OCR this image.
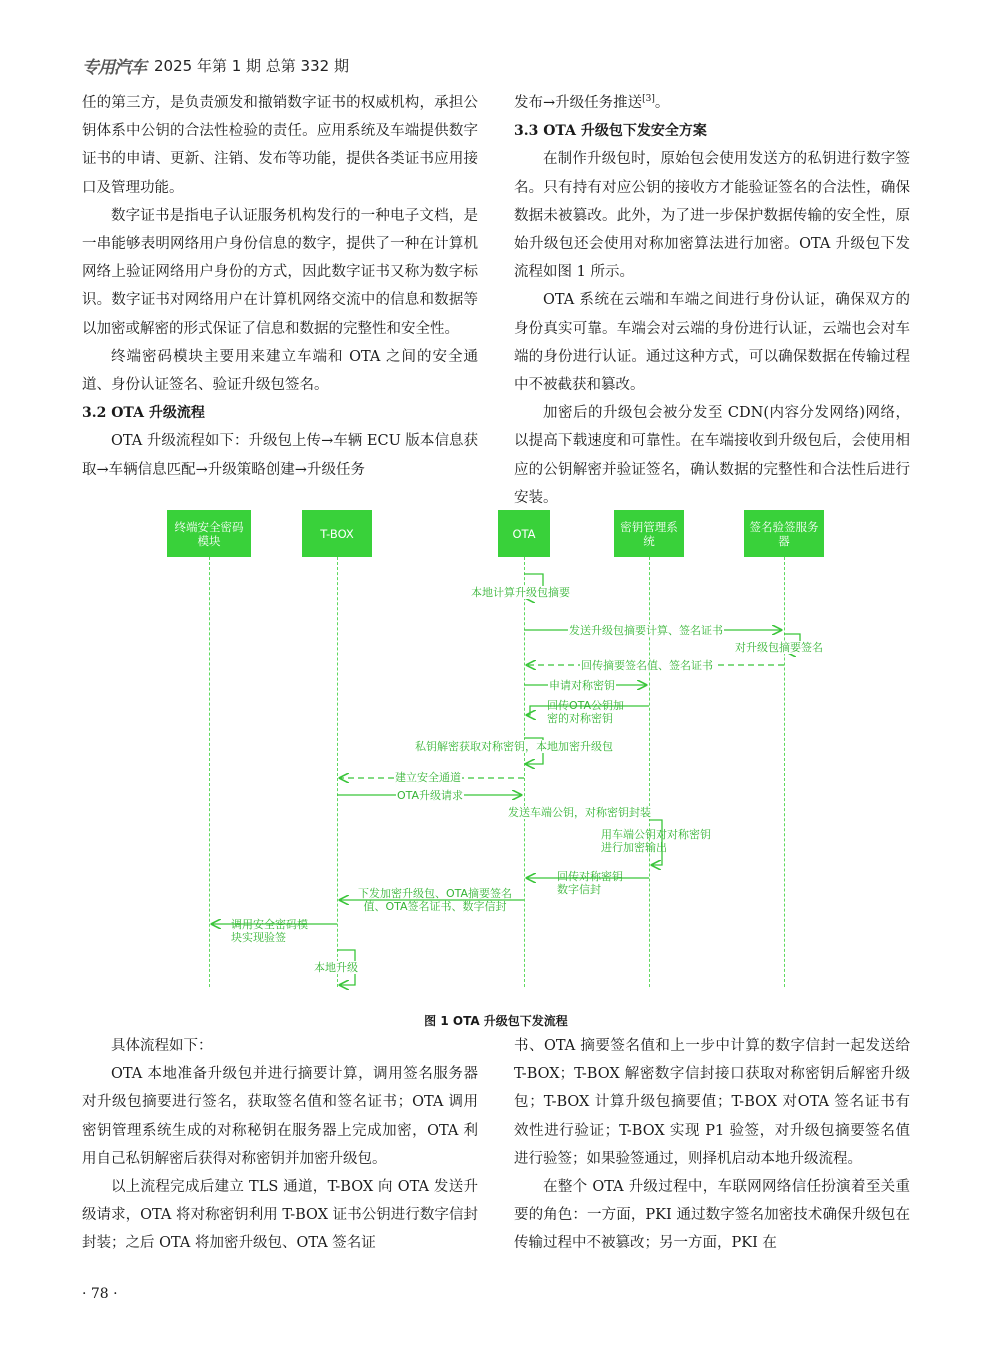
专用汽车 2025 年第 1 期 总第 332 期

任的第三方，是负责颁发和撤销数字证书的权威机构，承担公钥体系中公钥的合法性检验的责任。应用系统及车端提供数字证书的申请、更新、注销、发布等功能，提供各类证书应用接口及管理功能。

数字证书是指电子认证服务机构发行的一种电子文档，是一串能够表明网络用户身份信息的数字，提供了一种在计算机网络上验证网络用户身份的方式，因此数字证书又称为数字标识。数字证书对网络用户在计算机网络交流中的信息和数据等以加密或解密的形式保证了信息和数据的完整性和安全性。

终端密码模块主要用来建立车端和 OTA 之间的安全通道、身份认证签名、验证升级包签名。

3.2 OTA 升级流程

OTA 升级流程如下：升级包上传→车辆 ECU 版本信息获取→车辆信息匹配→升级策略创建→升级任务

发布→升级任务推送[3]。

3.3 OTA 升级包下发安全方案

在制作升级包时，原始包会使用发送方的私钥进行数字签名。只有持有对应公钥的接收方才能验证签名的合法性，确保数据未被篡改。此外，为了进一步保护数据传输的安全性，原始升级包还会使用对称加密算法进行加密。OTA 升级包下发流程如图 1 所示。

OTA 系统在云端和车端之间进行身份认证，确保双方的身份真实可靠。车端会对云端的身份进行认证，云端也会对车端的身份进行认证。通过这种方式，可以确保数据在传输过程中不被截获和篡改。

加密后的升级包会被分发至 CDN(内容分发网络)网络，以提高下载速度和可靠性。在车端接收到升级包后，会使用相应的公钥解密并验证签名，确认数据的完整性和合法性后进行安装。

终端安全密码模块	T-BOX	OTA	密钥管理系统
签名验签服务器
本地计算升级包摘要
发送升级包摘要计算、签名证书
对升级包摘要签名
回传摘要签名值、签名证书
申请对称密钥
回传OTA公钥加密的对称密钥
私钥解密获取对称密钥，本地加密升级包
建立安全通道
OTA升级请求
发送车端公钥，对称密钥封装
用车端公钥对对称密钥进行加密输出
回传对称密钥数字信封
下发加密升级包、OTA摘要签名值、OTA签名证书、数字信封
调用安全密码模块实现验签
本地升级
图 1 OTA 升级包下发流程

具体流程如下：

OTA 本地准备升级包并进行摘要计算，调用签名服务器对升级包摘要进行签名，获取签名值和签名证书；OTA 调用密钥管理系统生成的对称秘钥在服务器上完成加密，OTA 利用自己私钥解密后获得对称密钥并加密升级包。

以上流程完成后建立 TLS 通道，T-BOX 向 OTA 发送升级请求，OTA 将对称密钥利用 T-BOX 证书公钥进行数字信封封装；之后 OTA 将加密升级包、OTA 签名证

书、OTA 摘要签名值和上一步中计算的数字信封一起发送给 T-BOX；T-BOX 解密数字信封接口获取对称密钥后解密升级包；T-BOX 计算升级包摘要值；T-BOX 对OTA 签名证书有效性进行验证；T-BOX 实现 P1 验签，对升级包摘要签名值进行验签；如果验签通过，则择机启动本地升级流程。

在整个 OTA 升级过程中，车联网网络信任扮演着至关重要的角色：一方面，PKI 通过数字签名加密技术确保升级包在传输过程中不被篡改；另一方面，PKI 在

· 78 ·
